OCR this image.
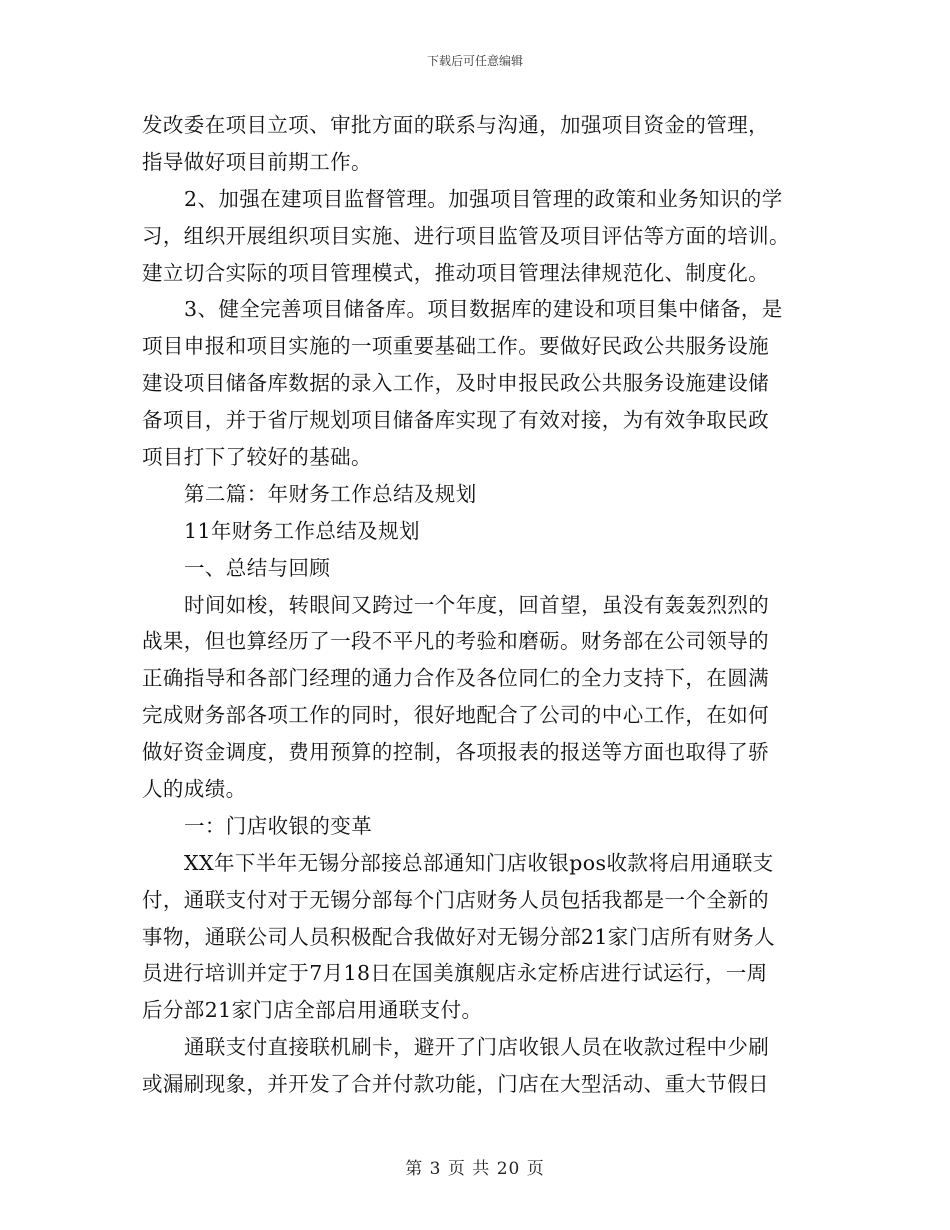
下载后可任意编辑
发改委在项目立项、审批方面的联系与沟通，加强项目资金的管理，
指导做好项目前期工作。
2、加强在建项目监督管理。加强项目管理的政策和业务知识的学
习，组织开展组织项目实施、进行项目监管及项目评估等方面的培训。
建立切合实际的项目管理模式，推动项目管理法律规范化、制度化。
3、健全完善项目储备库。项目数据库的建设和项目集中储备，是
项目申报和项目实施的一项重要基础工作。要做好民政公共服务设施
建设项目储备库数据的录入工作，及时申报民政公共服务设施建设储
备项目，并于省厅规划项目储备库实现了有效对接，为有效争取民政
项目打下了较好的基础。
第二篇：年财务工作总结及规划
11年财务工作总结及规划
一、总结与回顾
时间如梭，转眼间又跨过一个年度，回首望，虽没有轰轰烈烈的
战果，但也算经历了一段不平凡的考验和磨砺。财务部在公司领导的
正确指导和各部门经理的通力合作及各位同仁的全力支持下，在圆满
完成财务部各项工作的同时，很好地配合了公司的中心工作，在如何
做好资金调度，费用预算的控制，各项报表的报送等方面也取得了骄
人的成绩。
一：门店收银的变革
XX年下半年无锡分部接总部通知门店收银pos收款将启用通联支
付，通联支付对于无锡分部每个门店财务人员包括我都是一个全新的
事物，通联公司人员积极配合我做好对无锡分部21家门店所有财务人
员进行培训并定于7月18日在国美旗舰店永定桥店进行试运行，一周
后分部21家门店全部启用通联支付。
通联支付直接联机刷卡，避开了门店收银人员在收款过程中少刷
或漏刷现象，并开发了合并付款功能，门店在大型活动、重大节假日
第 3 页 共 20 页
